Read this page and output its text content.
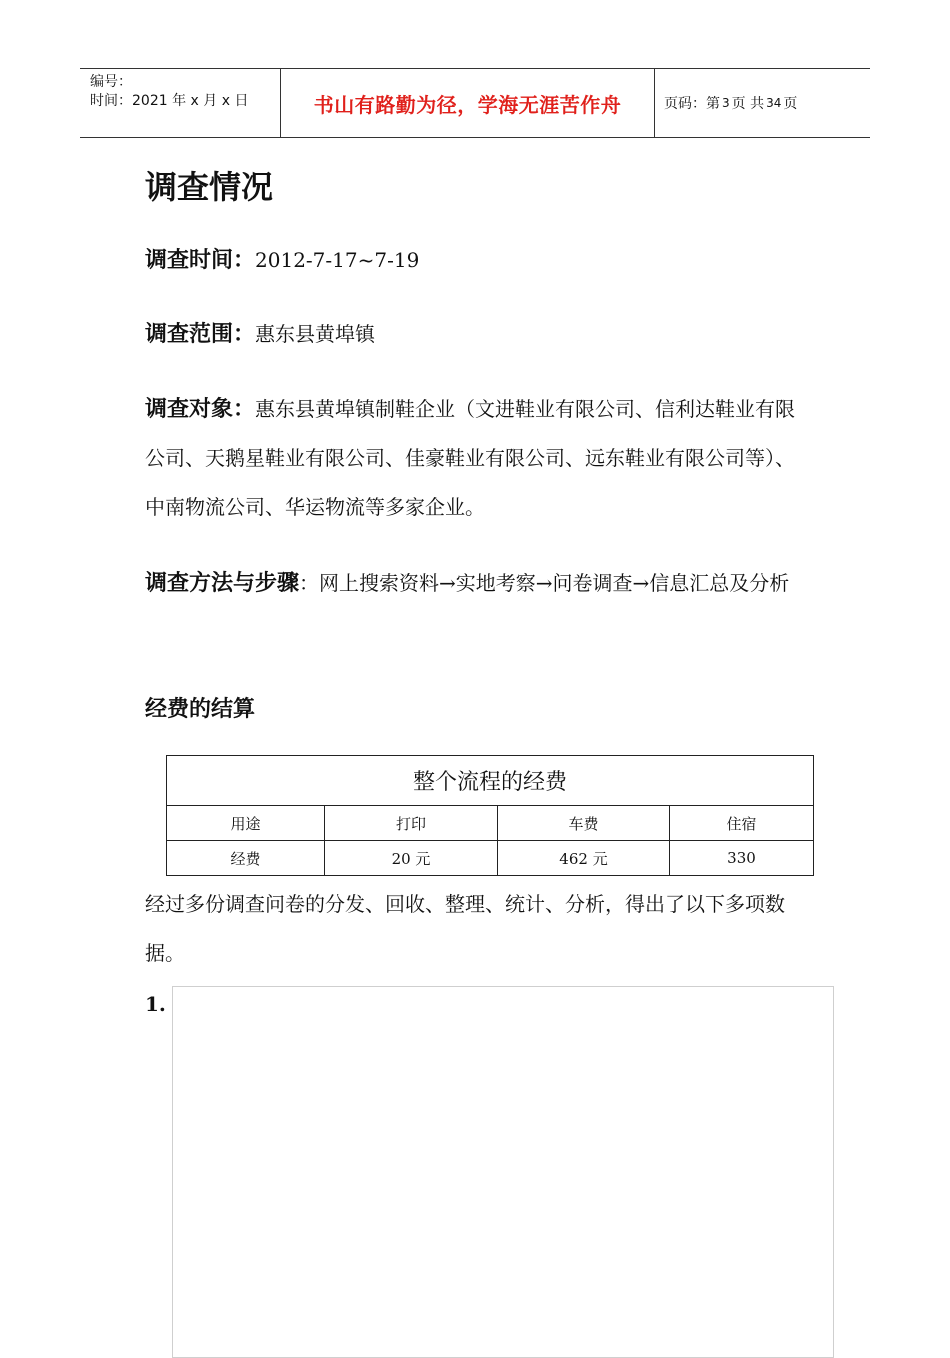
编号：
时间：2021 年 x 月 x 日	书山有路勤为径，学海无涯苦作舟	页码：第 3 页 共 34 页
调查情况
调查时间：2012-7-17~7-19
调查范围：惠东县黄埠镇
调查对象：惠东县黄埠镇制鞋企业（文进鞋业有限公司、信利达鞋业有限公司、天鹅星鞋业有限公司、佳豪鞋业有限公司、远东鞋业有限公司等）、中南物流公司、华运物流等多家企业。
调查方法与步骤：网上搜索资料→实地考察→问卷调查→信息汇总及分析
经费的结算
经过多份调查问卷的分发、回收、整理、统计、分析，得出了以下多项数据。
整个流程的经费			
用途	打印	车费	住宿
经费	20 元	462 元	330
1.
